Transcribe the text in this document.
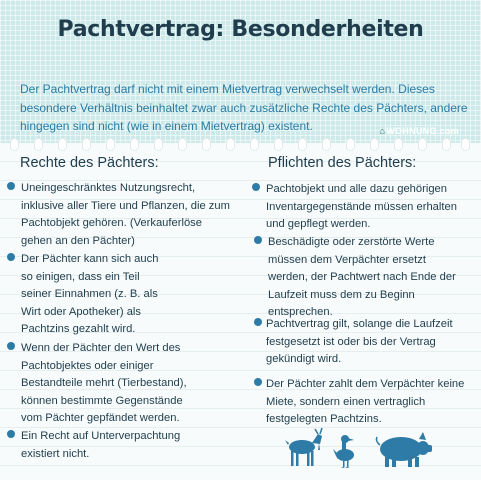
Pachtvertrag: Besonderheiten
Der Pachtvertrag darf nicht mit einem Mietvertrag verwechselt werden. Dieses besondere Verhältnis beinhaltet zwar auch zusätzliche Rechte des Pächters, andere hingegen sind nicht (wie in einem Mietvertrag) existent.	⌂WOHNUNG.com
Rechte des Pächters:
Uneingeschränktes Nutzungsrecht, inklusive aller Tiere und Pflanzen, die zum Pachtobjekt gehören. (Verkauferlöse gehen an den Pächter)
Der Pächter kann sich auch so einigen, dass ein Teil seiner Einnahmen (z. B. als Wirt oder Apotheker) als Pachtzins gezahlt wird.
Wenn der Pächter den Wert des Pachtobjektes oder einiger Bestandteile mehrt (Tierbestand), können bestimmte Gegenstände vom Pächter gepfändet werden.
Ein Recht auf Unterverpachtung existiert nicht.
Pflichten des Pächters:
Pachtobjekt und alle dazu gehörigen Inventargegenstände müssen erhalten und gepflegt werden.
Beschädigte oder zerstörte Werte müssen dem Verpächter ersetzt werden, der Pachtwert nach Ende der Laufzeit muss dem zu Beginn entsprechen.
Pachtvertrag gilt, solange die Laufzeit festgesetzt ist oder bis der Vertrag gekündigt wird.
Der Pächter zahlt dem Verpächter keine Miete, sondern einen vertraglich festgelegten Pachtzins.
